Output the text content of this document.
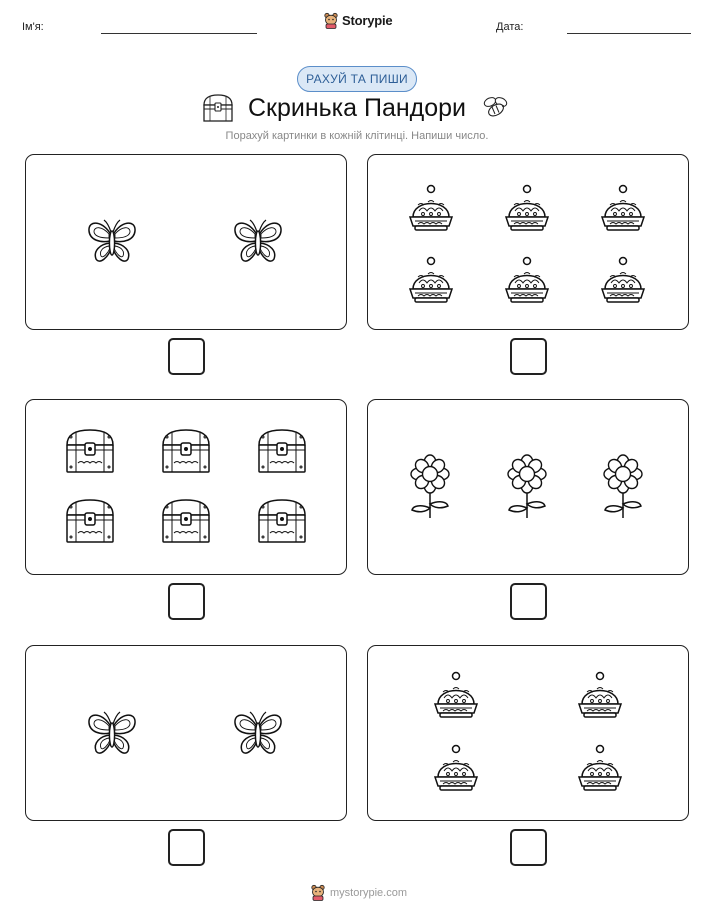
Ім'я:	Дата:
Storypie
РАХУЙ ТА ПИШИ
Скринька Пандори
Порахуй картинки в кожній клітинці. Напиши число.
mystorypie.com
